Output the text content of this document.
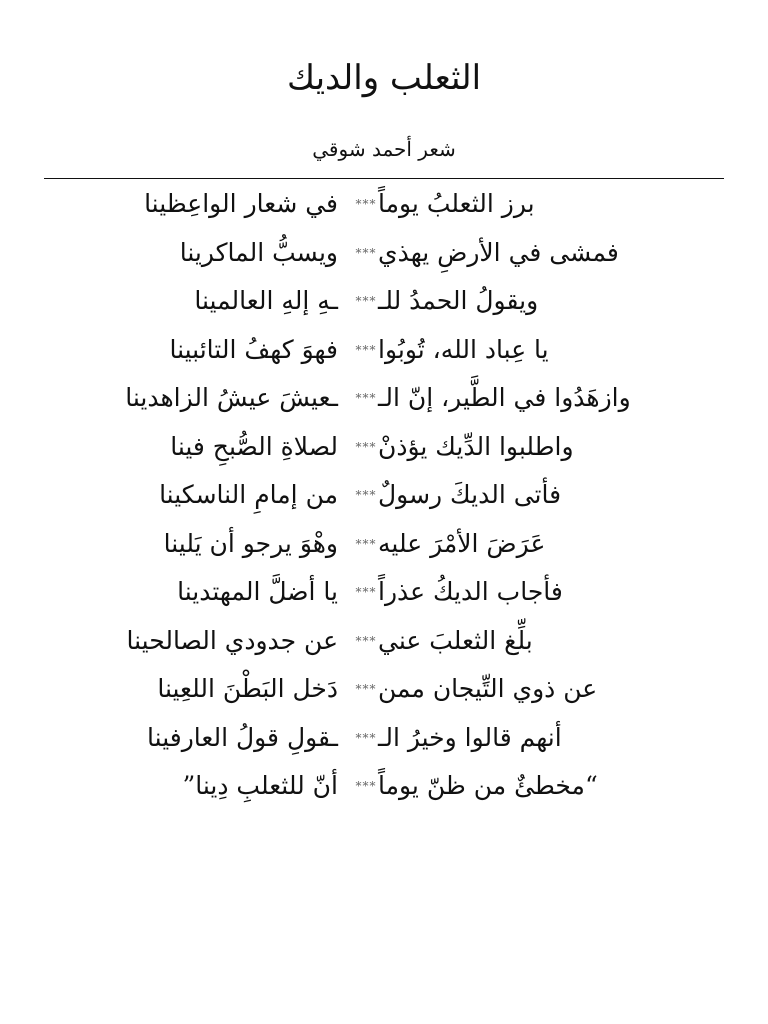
الثعلب والديك
شعر أحمد شوقي
برز الثعلبُ يوماً
***
في شعار الواعِظينا
فمشى في الأرضِ يهذي
***
ويسبُّ الماكرينا
ويقولُ الحمدُ للـ
***
ـهِ إلهِ العالمينا
يا عِباد الله، تُوبُوا
***
فهوَ كهفُ التائبينا
وازهَدُوا في الطَّير، إنّ الـ
***
ـعيشَ عيشُ الزاهدينا
واطلبوا الدِّيك يؤذنْ
***
لصلاةِ الصُّبحِ فينا
فأتى الديكَ رسولٌ
***
من إمامِ الناسكينا
عَرَضَ الأمْرَ عليه
***
وهْوَ يرجو أن يَلينا
فأجاب الديكُ عذراً
***
يا أضلَّ المهتدينا
بلِّغ الثعلبَ عني
***
عن جدودي الصالحينا
عن ذوي التِّيجان ممن
***
دَخل البَطْنَ اللعِينا
أنهم قالوا وخيرُ الـ
***
ـقولِ قولُ العارفينا
“مخطئٌ من ظنّ يوماً
***
أنّ للثعلبِ دِينا”
